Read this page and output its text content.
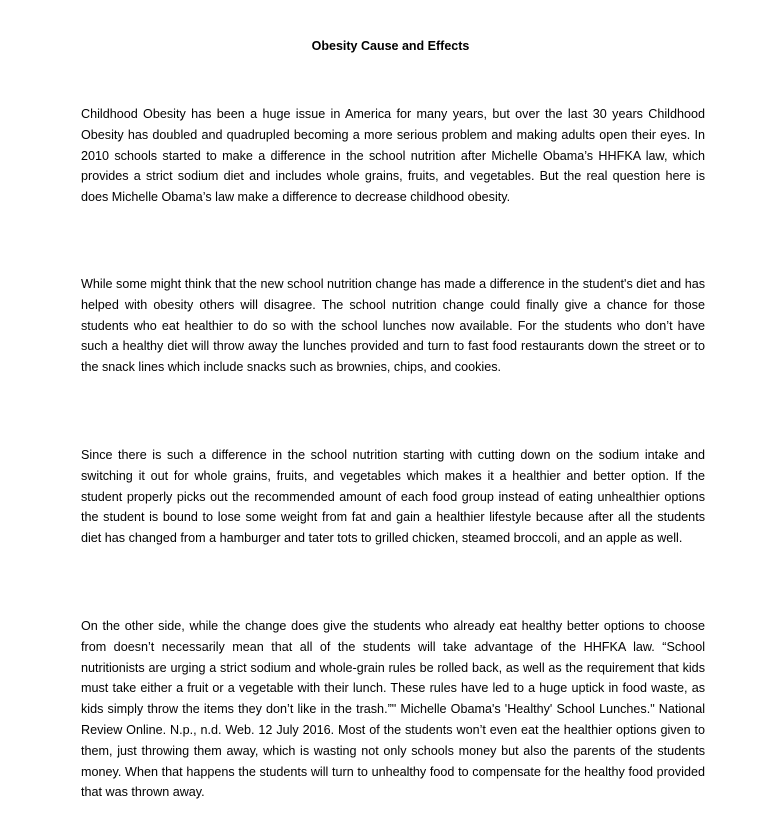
Obesity Cause and Effects

Childhood Obesity has been a huge issue in America for many years, but over the last 30 years Childhood Obesity has doubled and quadrupled becoming a more serious problem and making adults open their eyes. In 2010 schools started to make a difference in the school nutrition after Michelle Obama’s HHFKA law, which provides a strict sodium diet and includes whole grains, fruits, and vegetables. But the real question here is does Michelle Obama’s law make a difference to decrease childhood obesity.

While some might think that the new school nutrition change has made a difference in the student's diet and has helped with obesity others will disagree. The school nutrition change could finally give a chance for those students who eat healthier to do so with the school lunches now available. For the students who don’t have such a healthy diet will throw away the lunches provided and turn to fast food restaurants down the street or to the snack lines which include snacks such as brownies, chips, and cookies.

Since there is such a difference in the school nutrition starting with cutting down on the sodium intake and switching it out for whole grains, fruits, and vegetables which makes it a healthier and better option. If the student properly picks out the recommended amount of each food group instead of eating unhealthier options the student is bound to lose some weight from fat and gain a healthier lifestyle because after all the students diet has changed from a hamburger and tater tots to grilled chicken, steamed broccoli, and an apple as well.

On the other side, while the change does give the students who already eat healthy better options to choose from doesn’t necessarily mean that all of the students will take advantage of the HHFKA law. “School nutritionists are urging a strict sodium and whole-grain rules be rolled back, as well as the requirement that kids must take either a fruit or a vegetable with their lunch. These rules have led to a huge uptick in food waste, as kids simply throw the items they don’t like in the trash.”" Michelle Obama's 'Healthy' School Lunches." National Review Online. N.p., n.d. Web. 12 July 2016. Most of the students won’t even eat the healthier options given to them, just throwing them away, which is wasting not only schools money but also the parents of the students money. When that happens the students will turn to unhealthy food to compensate for the healthy food provided that was thrown away.
